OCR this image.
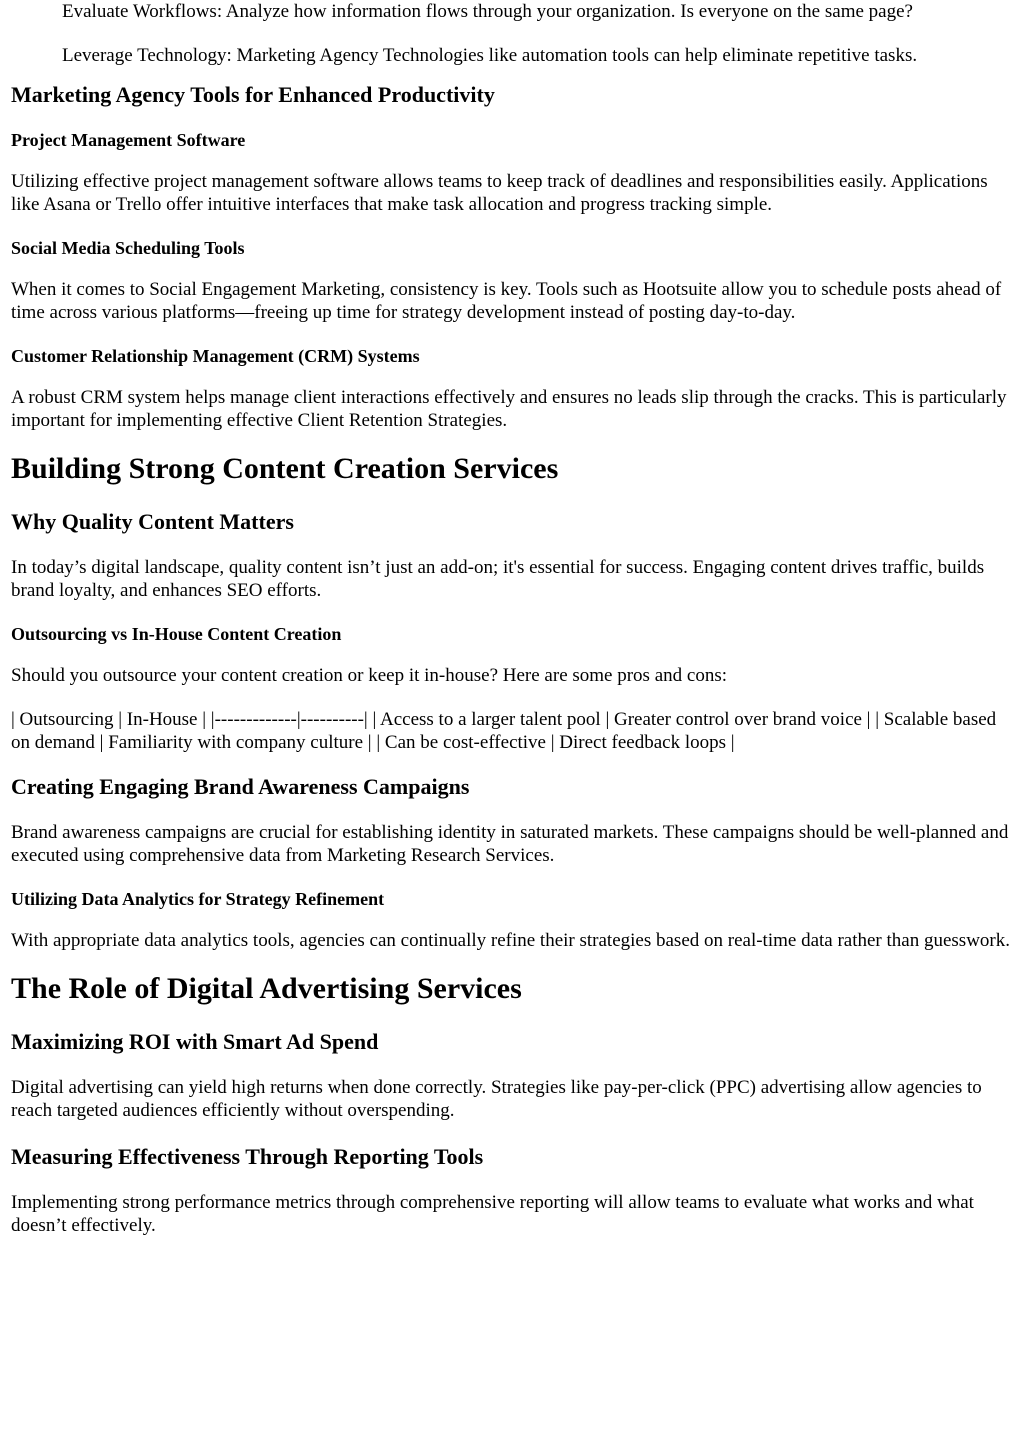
Evaluate Workflows: Analyze how information flows through your organization. Is everyone on the same page?

Leverage Technology: Marketing Agency Technologies like automation tools can help eliminate repetitive tasks.

Marketing Agency Tools for Enhanced Productivity
Project Management Software

Utilizing effective project management software allows teams to keep track of deadlines and responsibilities easily. Applications like Asana or Trello offer intuitive interfaces that make task allocation and progress tracking simple.

Social Media Scheduling Tools

When it comes to Social Engagement Marketing, consistency is key. Tools such as Hootsuite allow you to schedule posts ahead of time across various platforms—freeing up time for strategy development instead of posting day-to-day.

Customer Relationship Management (CRM) Systems

A robust CRM system helps manage client interactions effectively and ensures no leads slip through the cracks. This is particularly important for implementing effective Client Retention Strategies.

Building Strong Content Creation Services
Why Quality Content Matters

In today’s digital landscape, quality content isn’t just an add-on; it's essential for success. Engaging content drives traffic, builds brand loyalty, and enhances SEO efforts.

Outsourcing vs In-House Content Creation

Should you outsource your content creation or keep it in-house? Here are some pros and cons:

| Outsourcing | In-House | |-------------|----------| | Access to a larger talent pool | Greater control over brand voice | | Scalable based on demand | Familiarity with company culture | | Can be cost-effective | Direct feedback loops |

Creating Engaging Brand Awareness Campaigns

Brand awareness campaigns are crucial for establishing identity in saturated markets. These campaigns should be well-planned and executed using comprehensive data from Marketing Research Services.

Utilizing Data Analytics for Strategy Refinement

With appropriate data analytics tools, agencies can continually refine their strategies based on real-time data rather than guesswork.

The Role of Digital Advertising Services
Maximizing ROI with Smart Ad Spend

Digital advertising can yield high returns when done correctly. Strategies like pay-per-click (PPC) advertising allow agencies to reach targeted audiences efficiently without overspending.

Measuring Effectiveness Through Reporting Tools

Implementing strong performance metrics through comprehensive reporting will allow teams to evaluate what works and what doesn’t effectively.
